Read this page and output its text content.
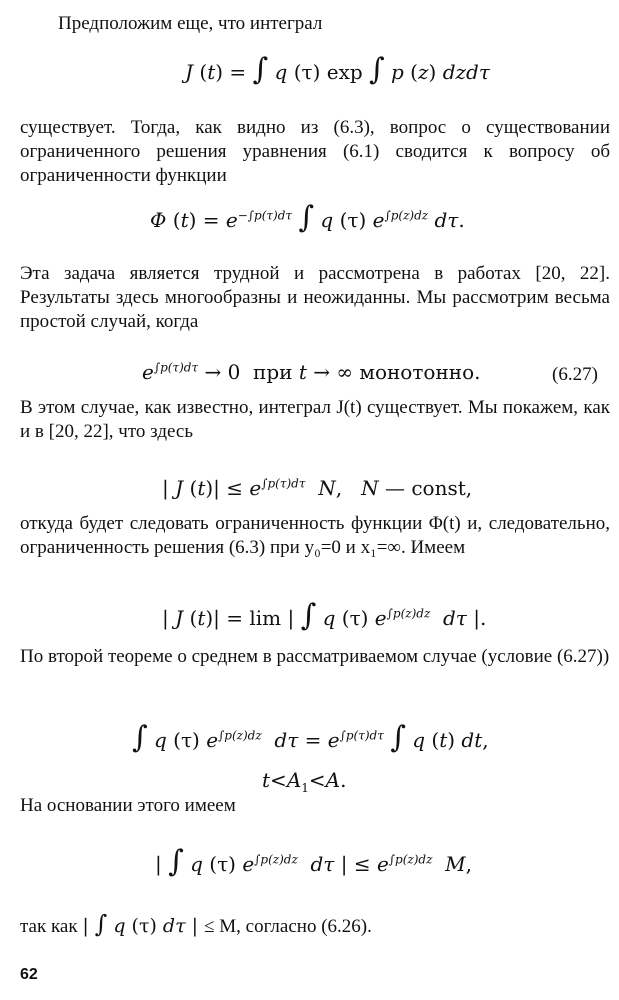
Предположим еще, что интеграл
J (t) = ∫ q (τ) exp ∫ p (z) dzdτ
существует. Тогда, как видно из (6.3), вопрос о существовании ограниченного решения уравнения (6.1) сводится к вопросу об ограниченности функции
Φ $(t) = e^{-\int p(\tau)d\tau}$ ∫ q (τ) $e^{\int p(z)dz}$ dτ.
Эта задача является трудной и рассмотрена в работах [20, 22]. Результаты здесь многообразны и неожиданны. Мы рассмотрим весьма простой случай, когда
$e^{\int p(\tau)d\tau} \to 0$  при t → ∞ монотонно.	(6.27)
В этом случае, как известно, интеграл J(t) существует. Мы покажем, как и в [20, 22], что здесь
| J $(t)| \le e^{\int p(\tau)d\tau}$ N,   N — const,
откуда будет следовать ограниченность функции Φ(t) и, следовательно, ограниченность решения (6.3) при y₀=0 и x₁=∞. Имеем
| J (t)| = lim | ∫ q (τ) $e^{\int p(z)dz}$ dτ |.
По второй теореме о среднем в рассматриваемом случае (условие (6.27))
∫ q (τ) $e^{\int p(z)dz}$ $d\tau = e^{\int p(\tau)d\tau}$ ∫ q (t) dt,
$t<A_1<A$.
На основании этого имеем
| ∫ q (τ) $e^{\int p(z)dz}$ dτ | ≤ $e^{\int p(z)dz}$ M,
так как | ∫ q (τ) dτ | ≤ M, согласно (6.26).
62
